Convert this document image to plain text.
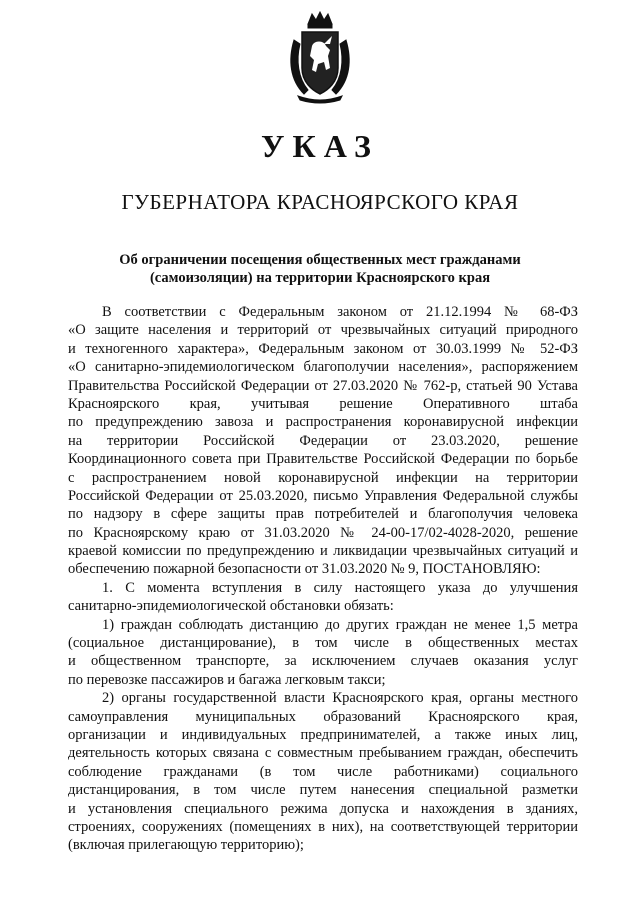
УКАЗ
ГУБЕРНАТОРА КРАСНОЯРСКОГО КРАЯ
Об ограничении посещения общественных мест гражданами
(самоизоляции) на территории Красноярского края
В соответствии с Федеральным законом от 21.12.1994 № 68-ФЗ
«О защите населения и территорий от чрезвычайных ситуаций природного
и техногенного характера», Федеральным законом от 30.03.1999 № 52-ФЗ
«О санитарно-эпидемиологическом благополучии населения», распоряжением
Правительства Российской Федерации от 27.03.2020 № 762-р, статьей 90 Устава
Красноярского края, учитывая решение Оперативного штаба
по предупреждению завоза и распространения коронавирусной инфекции
на территории Российской Федерации от 23.03.2020, решение
Координационного совета при Правительстве Российской Федерации по борьбе
с распространением новой коронавирусной инфекции на территории
Российской Федерации от 25.03.2020, письмо Управления Федеральной службы
по надзору в сфере защиты прав потребителей и благополучия человека
по Красноярскому краю от 31.03.2020 № 24-00-17/02-4028-2020, решение
краевой комиссии по предупреждению и ликвидации чрезвычайных ситуаций и
обеспечению пожарной безопасности от 31.03.2020 № 9, ПОСТАНОВЛЯЮ:
1. С момента вступления в силу настоящего указа до улучшения
санитарно-эпидемиологической обстановки обязать:
1) граждан соблюдать дистанцию до других граждан не менее 1,5 метра
(социальное дистанцирование), в том числе в общественных местах
и общественном транспорте, за исключением случаев оказания услуг
по перевозке пассажиров и багажа легковым такси;
2) органы государственной власти Красноярского края, органы местного
самоуправления муниципальных образований Красноярского края,
организации и индивидуальных предпринимателей, а также иных лиц,
деятельность которых связана с совместным пребыванием граждан, обеспечить
соблюдение гражданами (в том числе работниками) социального
дистанцирования, в том числе путем нанесения специальной разметки
и установления специального режима допуска и нахождения в зданиях,
строениях, сооружениях (помещениях в них), на соответствующей территории
(включая прилегающую территорию);
